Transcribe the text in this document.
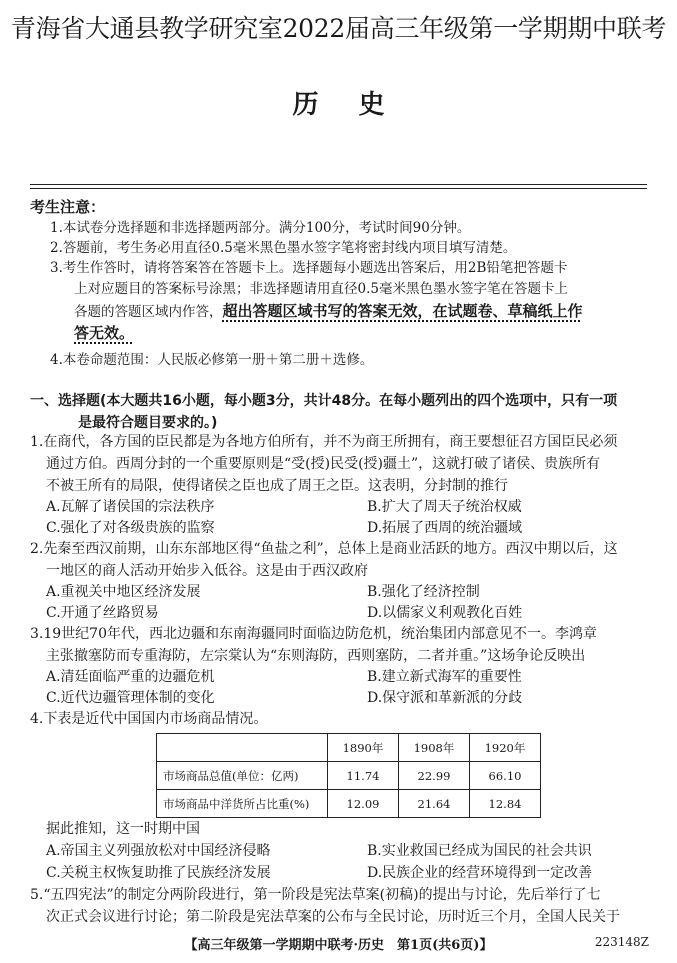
青海省大通县教学研究室2022届高三年级第一学期期中联考
历史
考生注意：
1.本试卷分选择题和非选择题两部分。满分100分，考试时间90分钟。
2.答题前，考生务必用直径0.5毫米黑色墨水签字笔将密封线内项目填写清楚。
3.考生作答时，请将答案答在答题卡上。选择题每小题选出答案后，用2B铅笔把答题卡
上对应题目的答案标号涂黑；非选择题请用直径0.5毫米黑色墨水签字笔在答题卡上
各题的答题区域内作答，超出答题区域书写的答案无效，在试题卷、草稿纸上作
答无效。
4.本卷命题范围：人民版必修第一册＋第二册＋选修。
一、选择题(本大题共16小题，每小题3分，共计48分。在每小题列出的四个选项中，只有一项
是最符合题目要求的。)
1.在商代，各方国的臣民都是为各地方伯所有，并不为商王所拥有，商王要想征召方国臣民必须
通过方伯。西周分封的一个重要原则是“受(授)民受(授)疆土”，这就打破了诸侯、贵族所有
不被王所有的局限，使得诸侯之臣也成了周王之臣。这表明，分封制的推行
A.瓦解了诸侯国的宗法秩序	B.扩大了周天子统治权威
C.强化了对各级贵族的监察	D.拓展了西周的统治疆域
2.先秦至西汉前期，山东东部地区得“鱼盐之利”，总体上是商业活跃的地方。西汉中期以后，这
一地区的商人活动开始步入低谷。这是由于西汉政府
A.重视关中地区经济发展	B.强化了经济控制
C.开通了丝路贸易	D.以儒家义利观教化百姓
3.19世纪70年代，西北边疆和东南海疆同时面临边防危机，统治集团内部意见不一。李鸿章
主张撤塞防而专重海防，左宗棠认为“东则海防，西则塞防，二者并重。”这场争论反映出
A.清廷面临严重的边疆危机	B.建立新式海军的重要性
C.近代边疆管理体制的变化	D.保守派和革新派的分歧
4.下表是近代中国国内市场商品情况。
	1890年	1908年	1920年
市场商品总值(单位：亿两)	11.74	22.99	66.10
市场商品中洋货所占比重(%)	12.09	21.64	12.84
据此推知，这一时期中国
A.帝国主义列强放松对中国经济侵略	B.实业救国已经成为国民的社会共识
C.关税主权恢复助推了民族经济发展	D.民族企业的经营环境得到一定改善
5.“五四宪法”的制定分两阶段进行，第一阶段是宪法草案(初稿)的提出与讨论，先后举行了七
次正式会议进行讨论；第二阶段是宪法草案的公布与全民讨论，历时近三个月，全国人民关于
【高三年级第一学期期中联考·历史　第1页(共6页)】	223148Z
